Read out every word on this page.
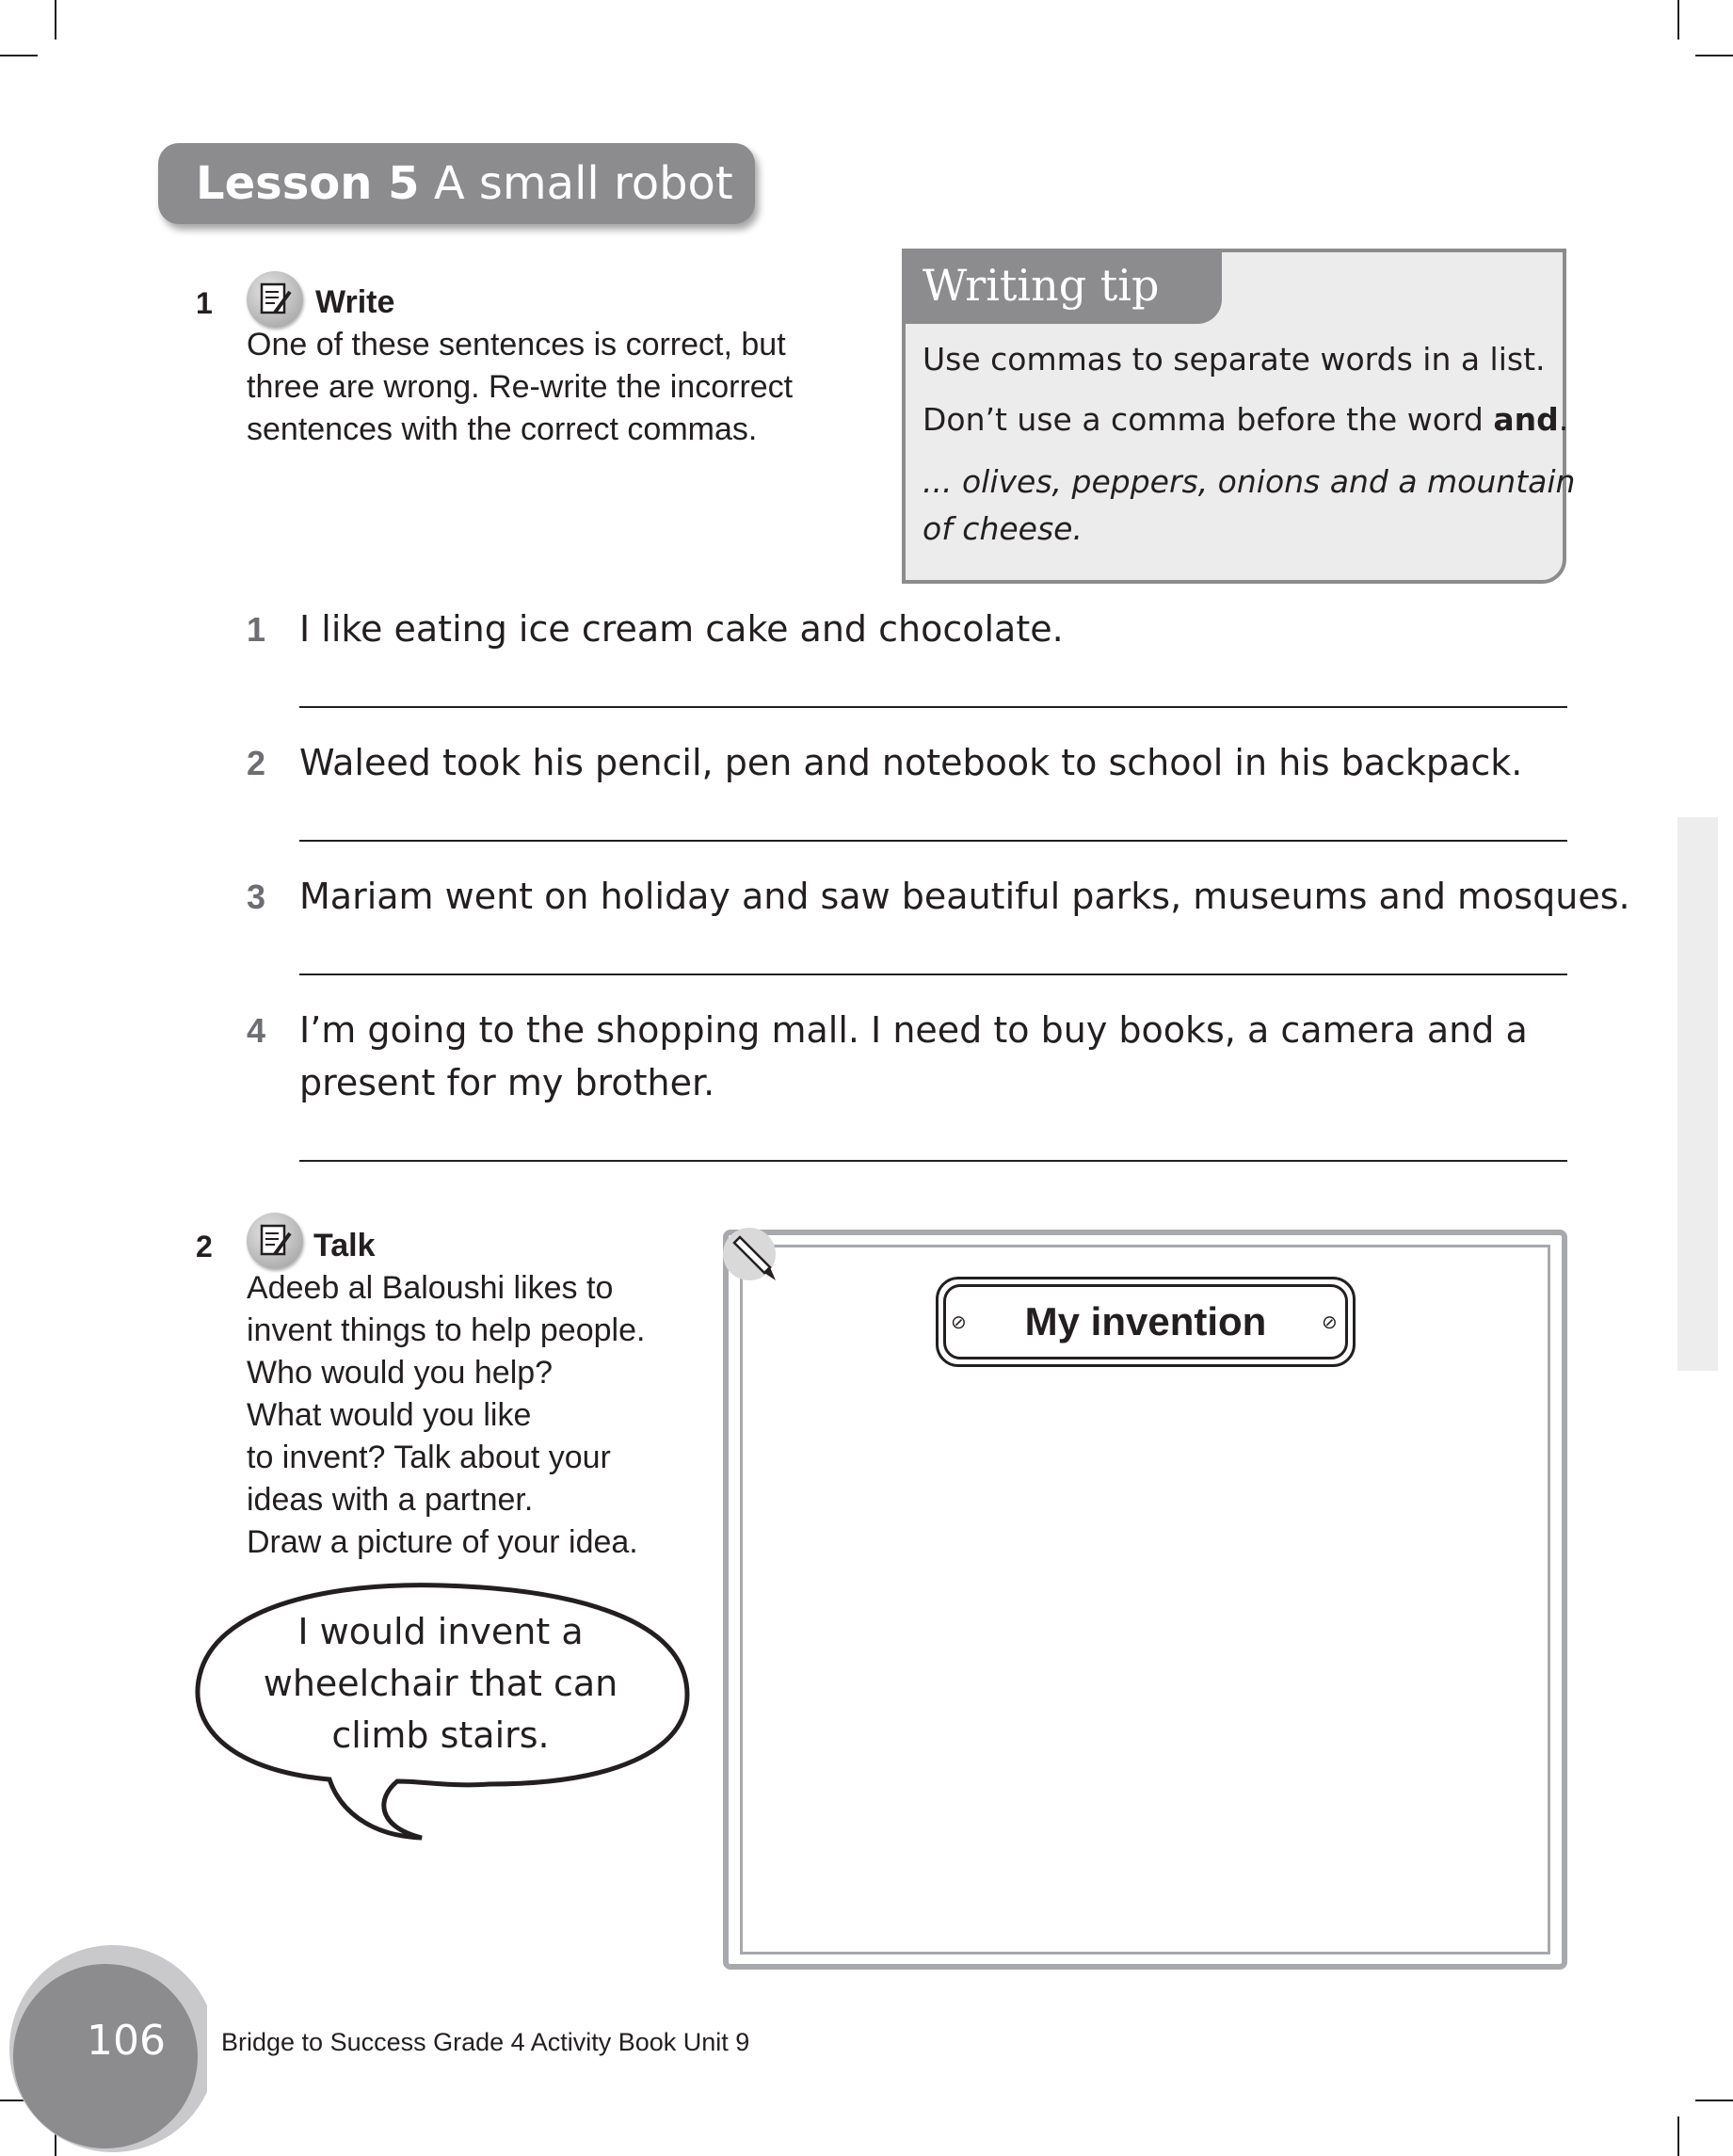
Lesson 5 A small robot
1	Write
One of these sentences is correct, but
three are wrong. Re-write the incorrect
sentences with the correct commas.
Writing tip
Use commas to separate words in a list.
Don’t use a comma before the word and.
... olives, peppers, onions and a mountain
of cheese.
1 I like eating ice cream cake and chocolate.
2 Waleed took his pencil, pen and notebook to school in his backpack.
3 Mariam went on holiday and saw beautiful parks, museums and mosques.
4 I’m going to the shopping mall. I need to buy books, a camera and a
present for my brother.
2	Talk
Adeeb al Baloushi likes to
invent things to help people.
Who would you help?
What would you like
to invent? Talk about your
ideas with a partner.
Draw a picture of your idea.
I would invent a
wheelchair that can
climb stairs.
My invention
⊘	⊘
106 Bridge to Success Grade 4 Activity Book Unit 9
